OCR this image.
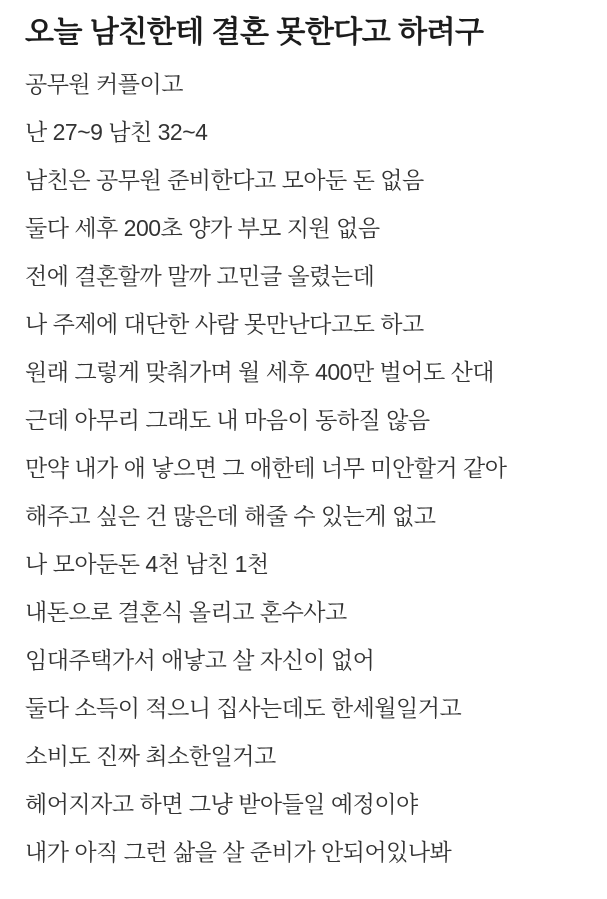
오늘 남친한테 결혼 못한다고 하려구

공무원 커플이고

난 27~9 남친 32~4

남친은 공무원 준비한다고 모아둔 돈 없음

둘다 세후 200초 양가 부모 지원 없음

전에 결혼할까 말까 고민글 올렸는데

나 주제에 대단한 사람 못만난다고도 하고

원래 그렇게 맞춰가며 월 세후 400만 벌어도 산대

근데 아무리 그래도 내 마음이 동하질 않음

만약 내가 애 낳으면 그 애한테 너무 미안할거 같아

해주고 싶은 건 많은데 해줄 수 있는게 없고

나 모아둔돈 4천 남친 1천

내돈으로 결혼식 올리고 혼수사고

임대주택가서 애낳고 살 자신이 없어

둘다 소득이 적으니 집사는데도 한세월일거고

소비도 진짜 최소한일거고

헤어지자고 하면 그냥 받아들일 예정이야

내가 아직 그런 삶을 살 준비가 안되어있나봐
